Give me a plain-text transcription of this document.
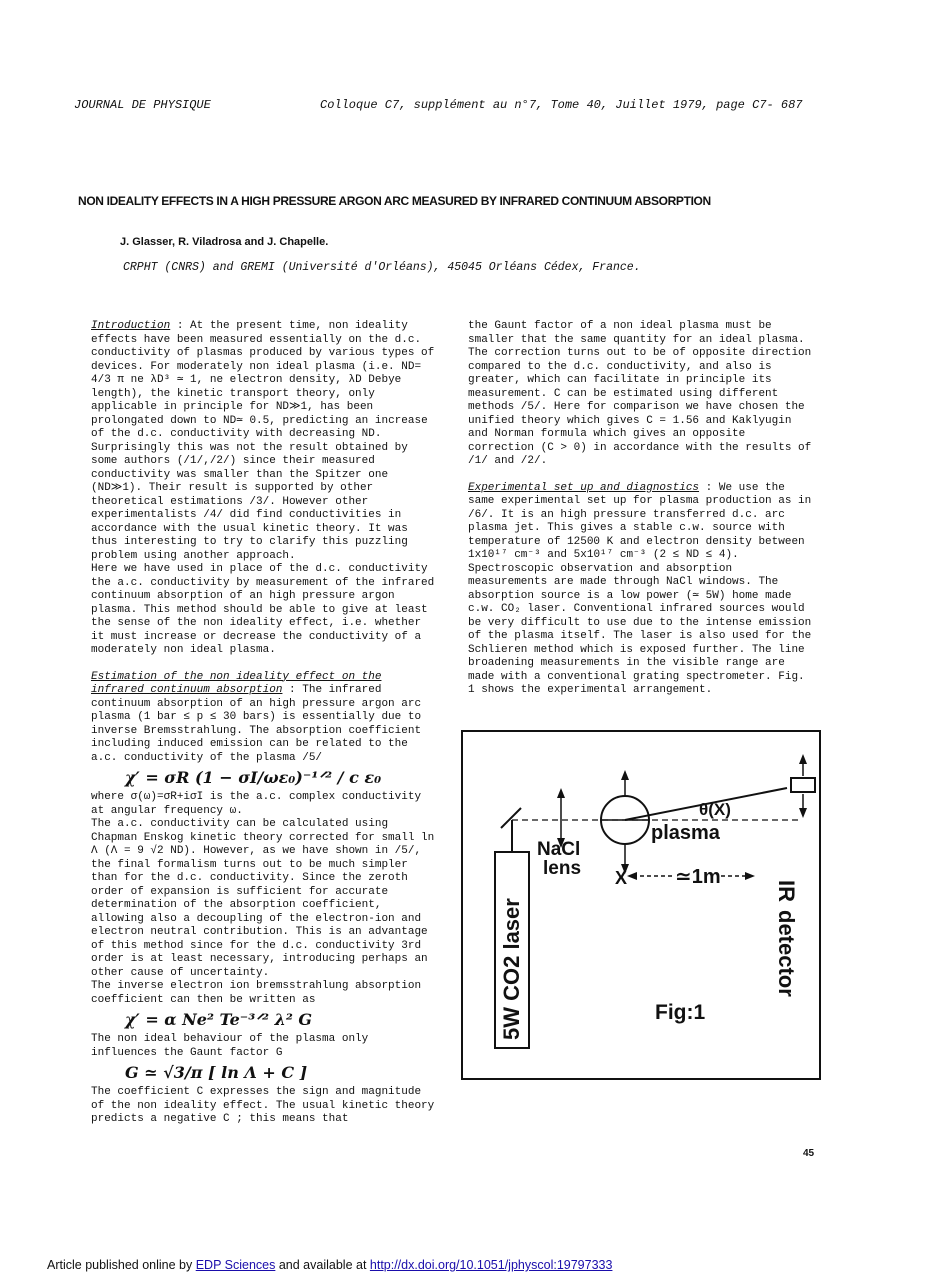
JOURNAL DE PHYSIQUE	Colloque C7, supplément au n°7, Tome 40, Juillet 1979, page C7- 687
NON IDEALITY EFFECTS IN A HIGH PRESSURE ARGON ARC MEASURED BY INFRARED CONTINUUM ABSORPTION
J. Glasser, R. Viladrosa and J. Chapelle.
CRPHT (CNRS) and GREMI (Université d'Orléans), 45045 Orléans Cédex, France.

Introduction : At the present time, non ideality effects have been measured essentially on the d.c. conductivity of plasmas produced by various types of devices. For moderately non ideal plasma (i.e. ND= 4/3 π ne λD³ ≃ 1, ne electron density, λD Debye length), the kinetic transport theory, only applicable in principle for ND≫1, has been prolongated down to ND≃ 0.5, predicting an increase of the d.c. conductivity with decreasing ND. Surprisingly this was not the result obtained by some authors (/1/,/2/) since their measured conductivity was smaller than the Spitzer one (ND≫1). Their result is supported by other theoretical estimations /3/. However other experimentalists /4/ did find conductivities in accordance with the usual kinetic theory. It was thus interesting to try to clarify this puzzling problem using another approach.

Here we have used in place of the d.c. conductivity the a.c. conductivity by measurement of the infrared continuum absorption of an high pressure argon plasma. This method should be able to give at least the sense of the non ideality effect, i.e. whether it must increase or decrease the conductivity of a moderately non ideal plasma.

Estimation of the non ideality effect on the infrared continuum absorption : The infrared continuum absorption of an high pressure argon arc plasma (1 bar ≤ p ≤ 30 bars) is essentially due to inverse Bremsstrahlung. The absorption coefficient including induced emission can be related to the a.c. conductivity of the plasma /5/

χ′ = σR (1 − σI/ωε₀)⁻¹ᐟ² / c ε₀

where σ(ω)=σR+iσI is the a.c. complex conductivity at angular frequency ω.

The a.c. conductivity can be calculated using Chapman Enskog kinetic theory corrected for small ln Λ (Λ = 9 √2 ND). However, as we have shown in /5/, the final formalism turns out to be much simpler than for the d.c. conductivity. Since the zeroth order of expansion is sufficient for accurate determination of the absorption coefficient, allowing also a decoupling of the electron-ion and electron neutral contribution. This is an advantage of this method since for the d.c. conductivity 3rd order is at least necessary, introducing perhaps an other cause of uncertainty.

The inverse electron ion bremsstrahlung absorption coefficient can then be written as

χ′ = α Ne² Te⁻³ᐟ² λ² G

The non ideal behaviour of the plasma only influences the Gaunt factor G

G ≃ √3/π [ ln Λ + C ]

The coefficient C expresses the sign and magnitude of the non ideality effect. The usual kinetic theory predicts a negative C ; this means that

the Gaunt factor of a non ideal plasma must be smaller that the same quantity for an ideal plasma. The correction turns out to be of opposite direction compared to the d.c. conductivity, and also is greater, which can facilitate in principle its measurement. C can be estimated using different methods /5/. Here for comparison we have chosen the unified theory which gives C = 1.56 and Kaklyugin and Norman formula which gives an opposite correction (C > 0) in accordance with the results of /1/ and /2/.

Experimental set up and diagnostics : We use the same experimental set up for plasma production as in /6/. It is an high pressure transferred d.c. arc plasma jet. This gives a stable c.w. source with temperature of 12500 K and electron density between 1x10¹⁷ cm⁻³ and 5x10¹⁷ cm⁻³ (2 ≤ ND ≤ 4). Spectroscopic observation and absorption measurements are made through NaCl windows. The absorption source is a low power (≃ 5W) home made c.w. CO₂ laser. Conventional infrared sources would be very difficult to use due to the intense emission of the plasma itself. The laser is also used for the Schlieren method which is exposed further. The line broadening measurements in the visible range are made with a conventional grating spectrometer. Fig. 1 shows the experimental arrangement.

5W CO2 laser
NaCl
lens
plasma
θ(X)
X ≃1m
IR
detector
Fig:1
45
Article published online by EDP Sciences and available at http://dx.doi.org/10.1051/jphyscol:19797333
